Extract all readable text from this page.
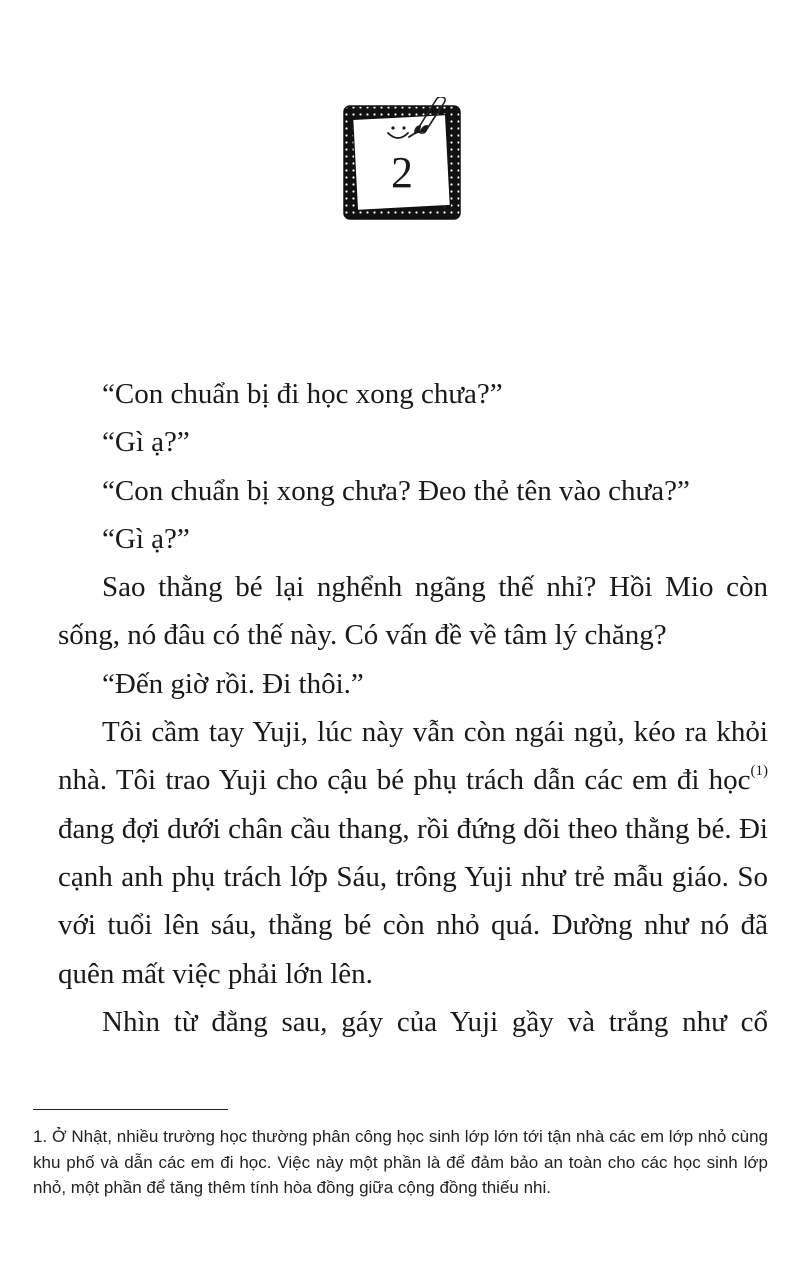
2

“Con chuẩn bị đi học xong chưa?”

“Gì ạ?”

“Con chuẩn bị xong chưa? Đeo thẻ tên vào chưa?”

“Gì ạ?”

Sao thằng bé lại nghểnh ngãng thế nhỉ? Hồi Mio còn sống, nó đâu có thế này. Có vấn đề về tâm lý chăng?

“Đến giờ rồi. Đi thôi.”

Tôi cầm tay Yuji, lúc này vẫn còn ngái ngủ, kéo ra khỏi nhà. Tôi trao Yuji cho cậu bé phụ trách dẫn các em đi học$^{(1)}$

đang đợi dưới chân cầu thang, rồi đứng dõi theo thằng bé. Đi cạnh anh phụ trách lớp Sáu, trông Yuji như trẻ mẫu giáo. So với tuổi lên sáu, thằng bé còn nhỏ quá. Dường như nó đã quên mất việc phải lớn lên.

Nhìn từ đằng sau, gáy của Yuji gầy và trắng như cổ

1. Ở Nhật, nhiều trường học thường phân công học sinh lớp lớn tới tận nhà các em lớp nhỏ cùng khu phố và dẫn các em đi học. Việc này một phần là để đảm bảo an toàn cho các học sinh lớp nhỏ, một phần để tăng thêm tính hòa đồng giữa cộng đồng thiếu nhi.
